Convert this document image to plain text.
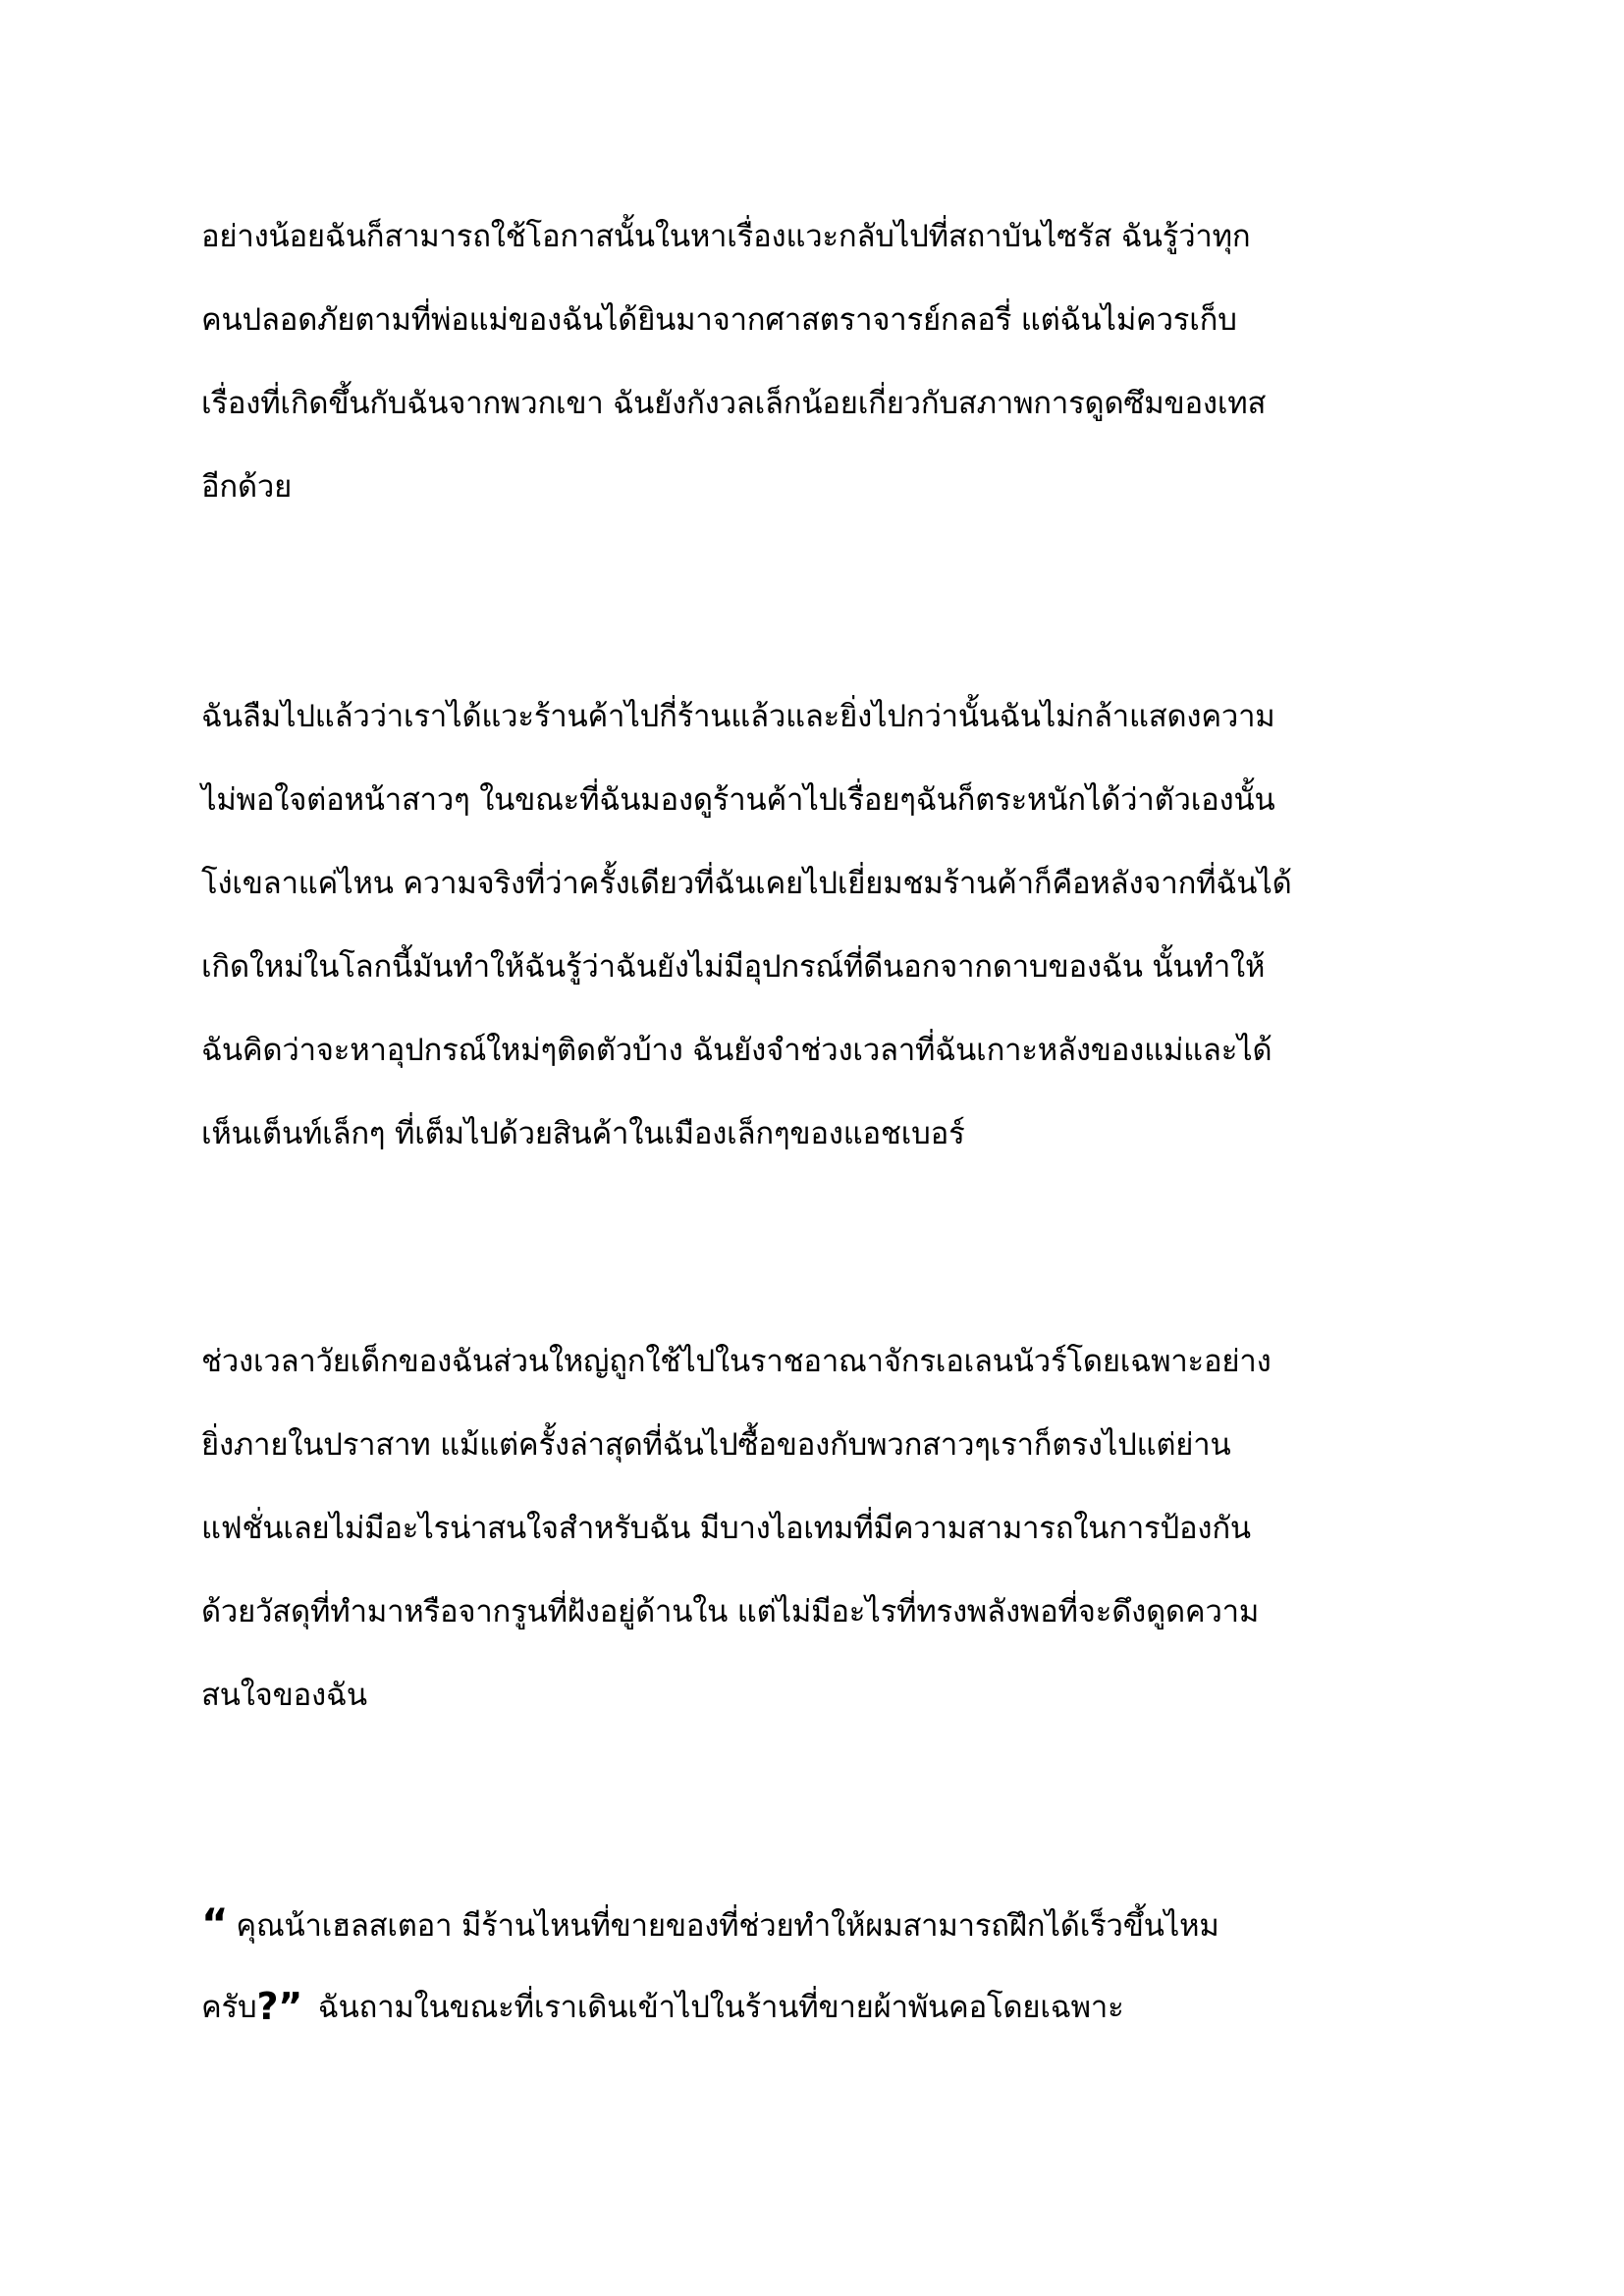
อย่างน้อยฉันก็สามารถใช้โอกาสนั้นในหาเรื่องแวะกลับไปที่สถาบันไซรัส ฉันรู้ว่าทุก
คนปลอดภัยตามที่พ่อแม่ของฉันได้ยินมาจากศาสตราจารย์กลอรี่ แต่ฉันไม่ควรเก็บ
เรื่องที่เกิดขึ้นกับฉันจากพวกเขา ฉันยังกังวลเล็กน้อยเกี่ยวกับสภาพการดูดซึมของเทส
อีกด้วย
ฉันลืมไปแล้วว่าเราได้แวะร้านค้าไปกี่ร้านแล้วและยิ่งไปกว่านั้นฉันไม่กล้าแสดงความ
ไม่พอใจต่อหน้าสาวๆ ในขณะที่ฉันมองดูร้านค้าไปเรื่อยๆฉันก็ตระหนักได้ว่าตัวเองนั้น
โง่เขลาแค่ไหน ความจริงที่ว่าครั้งเดียวที่ฉันเคยไปเยี่ยมชมร้านค้าก็คือหลังจากที่ฉันได้
เกิดใหม่ในโลกนี้มันทำให้ฉันรู้ว่าฉันยังไม่มีอุปกรณ์ที่ดีนอกจากดาบของฉัน นั้นทำให้
ฉันคิดว่าจะหาอุปกรณ์ใหม่ๆติดตัวบ้าง ฉันยังจำช่วงเวลาที่ฉันเกาะหลังของแม่และได้
เห็นเต็นท์เล็กๆ ที่เต็มไปด้วยสินค้าในเมืองเล็กๆของแอชเบอร์
ช่วงเวลาวัยเด็กของฉันส่วนใหญ่ถูกใช้ไปในราชอาณาจักรเอเลนนัวร์โดยเฉพาะอย่าง
ยิ่งภายในปราสาท แม้แต่ครั้งล่าสุดที่ฉันไปซื้อของกับพวกสาวๆเราก็ตรงไปแต่ย่าน
แฟชั่นเลยไม่มีอะไรน่าสนใจสำหรับฉัน มีบางไอเทมที่มีความสามารถในการป้องกัน
ด้วยวัสดุที่ทำมาหรือจากรูนที่ฝังอยู่ด้านใน แต่ไม่มีอะไรที่ทรงพลังพอที่จะดึงดูดความ
สนใจของฉัน
“ คุณน้าเฮลสเตอา มีร้านไหนที่ขายของที่ช่วยทำให้ผมสามารถฝึกได้เร็วขึ้นไหม
ครับ?” ฉันถามในขณะที่เราเดินเข้าไปในร้านที่ขายผ้าพันคอโดยเฉพาะ
